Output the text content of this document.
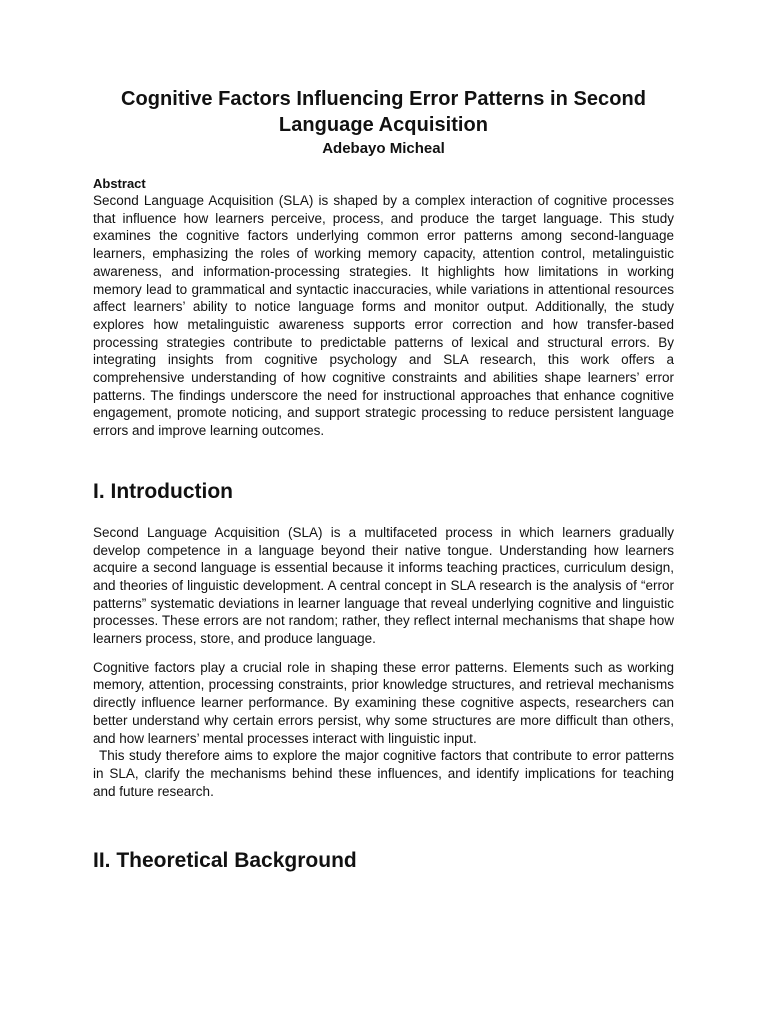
Cognitive Factors Influencing Error Patterns in Second Language Acquisition
Adebayo Micheal
Abstract

Second Language Acquisition (SLA) is shaped by a complex interaction of cognitive processes that influence how learners perceive, process, and produce the target language. This study examines the cognitive factors underlying common error patterns among second-language learners, emphasizing the roles of working memory capacity, attention control, metalinguistic awareness, and information-processing strategies. It highlights how limitations in working memory lead to grammatical and syntactic inaccuracies, while variations in attentional resources affect learners’ ability to notice language forms and monitor output. Additionally, the study explores how metalinguistic awareness supports error correction and how transfer-based processing strategies contribute to predictable patterns of lexical and structural errors. By integrating insights from cognitive psychology and SLA research, this work offers a comprehensive understanding of how cognitive constraints and abilities shape learners’ error patterns. The findings underscore the need for instructional approaches that enhance cognitive engagement, promote noticing, and support strategic processing to reduce persistent language errors and improve learning outcomes.

I. Introduction

Second Language Acquisition (SLA) is a multifaceted process in which learners gradually develop competence in a language beyond their native tongue. Understanding how learners acquire a second language is essential because it informs teaching practices, curriculum design, and theories of linguistic development. A central concept in SLA research is the analysis of “error patterns” systematic deviations in learner language that reveal underlying cognitive and linguistic processes. These errors are not random; rather, they reflect internal mechanisms that shape how learners process, store, and produce language.

Cognitive factors play a crucial role in shaping these error patterns. Elements such as working memory, attention, processing constraints, prior knowledge structures, and retrieval mechanisms directly influence learner performance. By examining these cognitive aspects, researchers can better understand why certain errors persist, why some structures are more difficult than others, and how learners’ mental processes interact with linguistic input.

This study therefore aims to explore the major cognitive factors that contribute to error patterns in SLA, clarify the mechanisms behind these influences, and identify implications for teaching and future research.

II. Theoretical Background
